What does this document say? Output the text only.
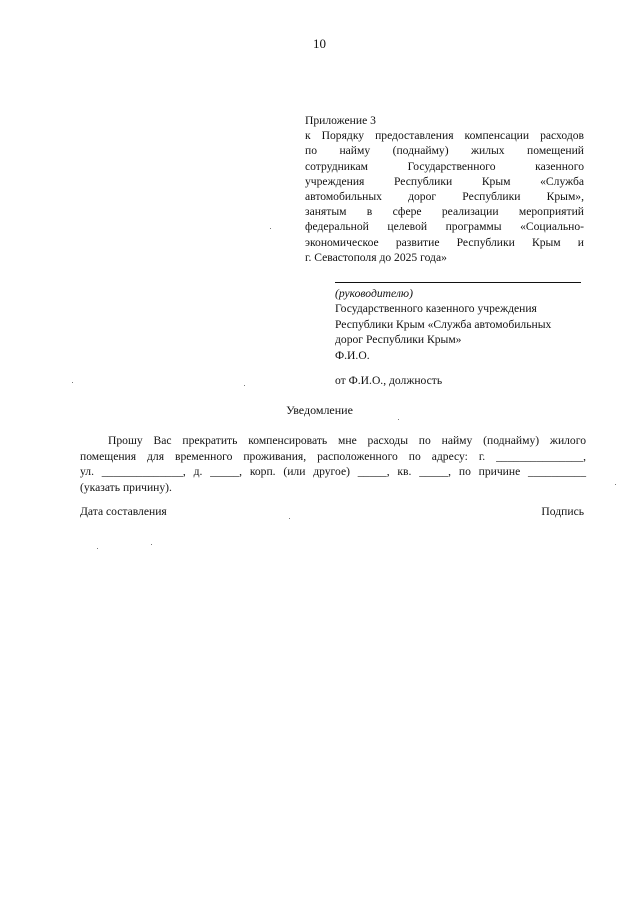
10
Приложение 3
к Порядку предоставления компенсации расходов
по найму (поднайму) жилых помещений
сотрудникам Государственного казенного
учреждения Республики Крым «Служба
автомобильных дорог Республики Крым»,
занятым в сфере реализации мероприятий
федеральной целевой программы «Социально-
экономическое развитие Республики Крым и
г. Севастополя до 2025 года»
(руководителю)
Государственного казенного учреждения
Республики Крым «Служба автомобильных
дорог Республики Крым»
Ф.И.О.
от Ф.И.О., должность
Уведомление
Прошу Вас прекратить компенсировать мне расходы по найму (поднайму) жилого
помещения для временного проживания, расположенного по адресу: г. _______________,
ул. ______________, д. _____, корп. (или другое) _____, кв. _____, по причине __________
(указать причину).
Дата составления	Подпись
